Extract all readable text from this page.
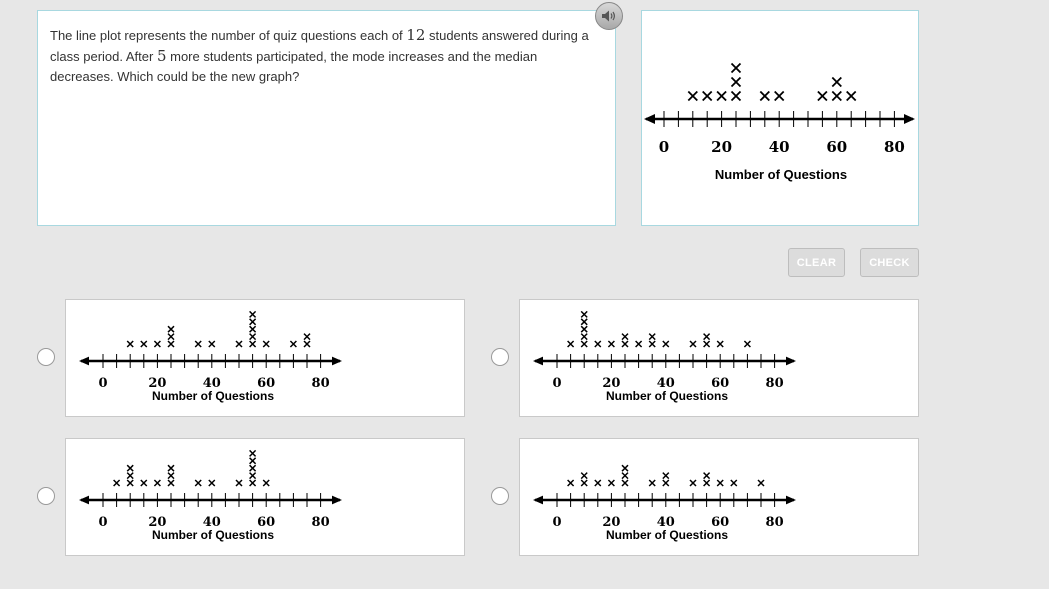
The line plot represents the number of quiz questions each of 12 students answered during a class period. After 5 more students participated, the mode increases and the median decreases. Which could be the new graph?

0	20 40 60 80
Number of Questions
CLEAR	CHECK
0	20	40	60	80
Number of Questions
0	20	40	60	80
Number of Questions
0	20	40	60	80
Number of Questions
0	20	40	60	80
Number of Questions
